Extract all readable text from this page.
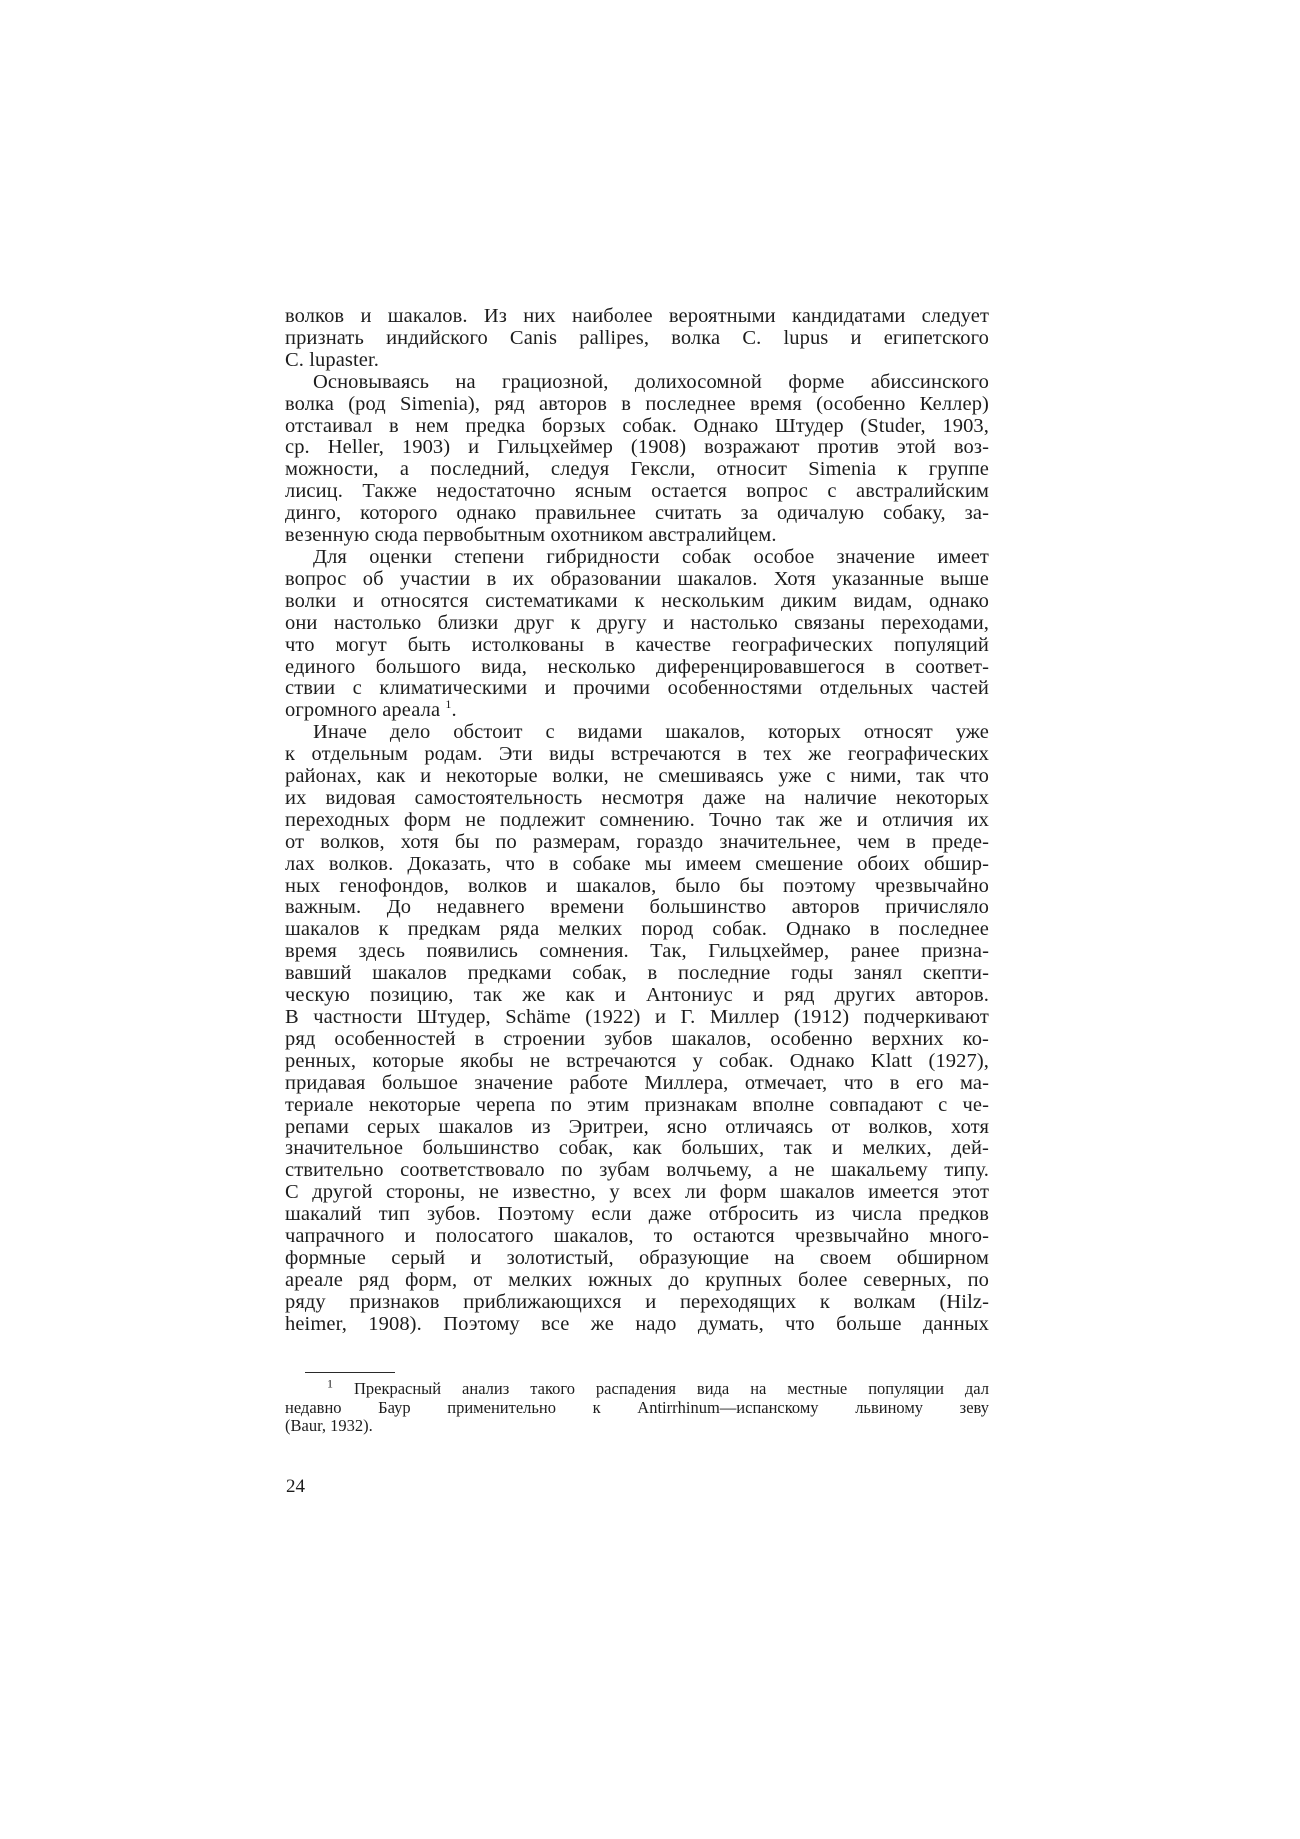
волков и шакалов. Из них наиболее вероятными кандидатами следует
признать индийского Canis pallipes, волка C. lupus и египетского
C. lupaster.
Основываясь на грациозной, долихосомной форме абиссинского
волка (род Simenia), ряд авторов в последнее время (особенно Келлер)
отстаивал в нем предка борзых собак. Однако Штудер (Studer, 1903,
ср. Heller, 1903) и Гильцхеймер (1908) возражают против этой воз-
можности, а последний, следуя Гексли, относит Simenia к группе
лисиц. Также недостаточно ясным остается вопрос с австралийским
динго, которого однако правильнее считать за одичалую собаку, за-
везенную сюда первобытным охотником австралийцем.
Для оценки степени гибридности собак особое значение имеет
вопрос об участии в их образовании шакалов. Хотя указанные выше
волки и относятся систематиками к нескольким диким видам, однако
они настолько близки друг к другу и настолько связаны переходами,
что могут быть истолкованы в качестве географических популяций
единого большого вида, несколько диференцировавшегося в соответ-
ствии с климатическими и прочими особенностями отдельных частей
огромного ареала $^1$.
Иначе дело обстоит с видами шакалов, которых относят уже
к отдельным родам. Эти виды встречаются в тех же географических
районах, как и некоторые волки, не смешиваясь уже с ними, так что
их видовая самостоятельность несмотря даже на наличие некоторых
переходных форм не подлежит сомнению. Точно так же и отличия их
от волков, хотя бы по размерам, гораздо значительнее, чем в преде-
лах волков. Доказать, что в собаке мы имеем смешение обоих обшир-
ных генофондов, волков и шакалов, было бы поэтому чрезвычайно
важным. До недавнего времени большинство авторов причисляло
шакалов к предкам ряда мелких пород собак. Однако в последнее
время здесь появились сомнения. Так, Гильцхеймер, ранее призна-
вавший шакалов предками собак, в последние годы занял скепти-
ческую позицию, так же как и Антониус и ряд других авторов.
В частности Штудер, Schäme (1922) и Г. Миллер (1912) подчеркивают
ряд особенностей в строении зубов шакалов, особенно верхних ко-
ренных, которые якобы не встречаются у собак. Однако Klatt (1927),
придавая большое значение работе Миллера, отмечает, что в его ма-
териале некоторые черепа по этим признакам вполне совпадают с че-
репами серых шакалов из Эритреи, ясно отличаясь от волков, хотя
значительное большинство собак, как больших, так и мелких, дей-
ствительно соответствовало по зубам волчьему, а не шакальему типу.
С другой стороны, не известно, у всех ли форм шакалов имеется этот
шакалий тип зубов. Поэтому если даже отбросить из числа предков
чапрачного и полосатого шакалов, то остаются чрезвычайно много-
формные серый и золотистый, образующие на своем обширном
ареале ряд форм, от мелких южных до крупных более северных, по
ряду признаков приближающихся и переходящих к волкам (Hilz-
heimer, 1908). Поэтому все же надо думать, что больше данных
$^1$ Прекрасный анализ такого распадения вида на местные популяции дал
недавно Баур применительно к Antirrhinum—испанскому львиному зеву
(Baur, 1932).
24
